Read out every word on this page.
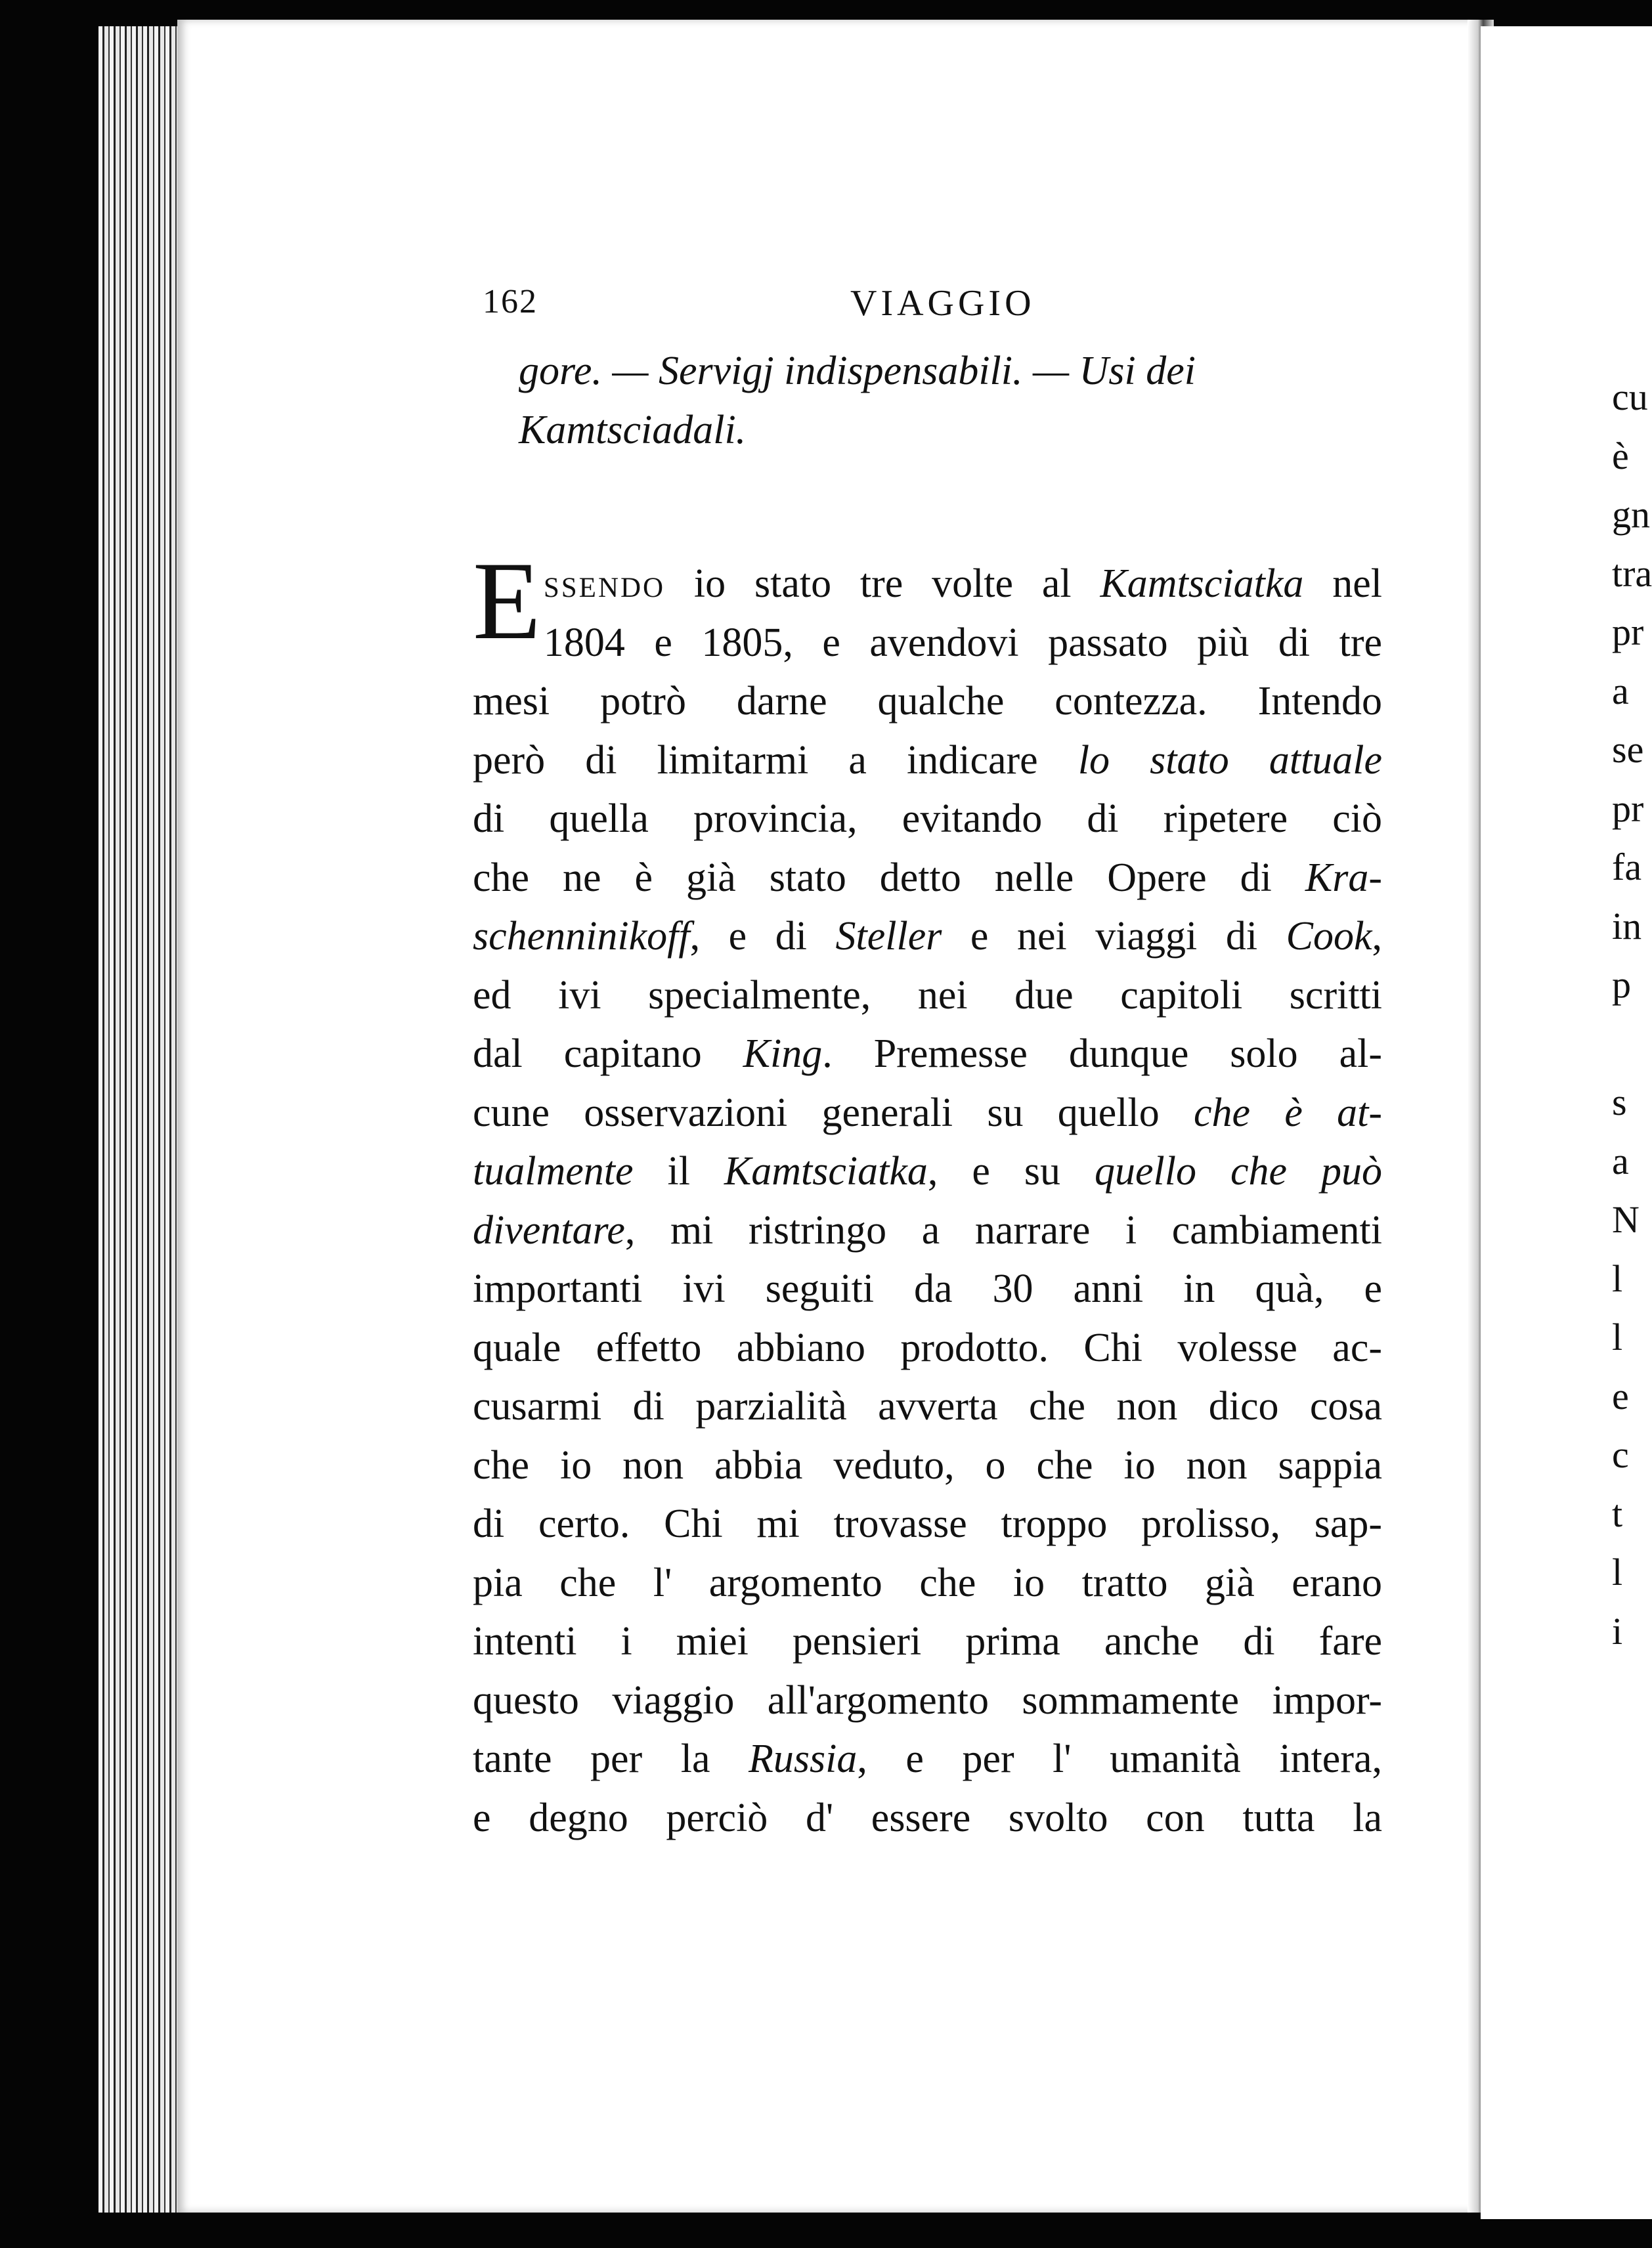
162	VIAGGIO
gore. — Servigj indispensabili. — Usi dei
Kamtsciadali.
E ssendo io stato tre volte al Kamtsciatka nel
1804 e 1805, e avendovi passato più di tre
mesi potrò darne qualche contezza. Intendo
però di limitarmi a indicare lo stato attuale
di quella provincia, evitando di ripetere ciò
che ne è già stato detto nelle Opere di Kra-
schenninikoff, e di Steller e nei viaggi di Cook,
ed ivi specialmente, nei due capitoli scritti
dal capitano King. Premesse dunque solo al-
cune osservazioni generali su quello che è at-
tualmente il Kamtsciatka, e su quello che può
diventare, mi ristringo a narrare i cambiamenti
importanti ivi seguiti da 30 anni in quà, e
quale effetto abbiano prodotto. Chi volesse ac-
cusarmi di parzialità avverta che non dico cosa
che io non abbia veduto, o che io non sappia
di certo. Chi mi trovasse troppo prolisso, sap-
pia che l' argomento che io tratto già erano
intenti i miei pensieri prima anche di fare
questo viaggio all'argomento sommamente impor-
tante per la Russia, e per l' umanità intera,
e degno perciò d' essere svolto con tutta la
cu
è
gn
tra
pr
a
se
pr
fa
in
p
s
a
N
l
l
e
c
t
l
i
